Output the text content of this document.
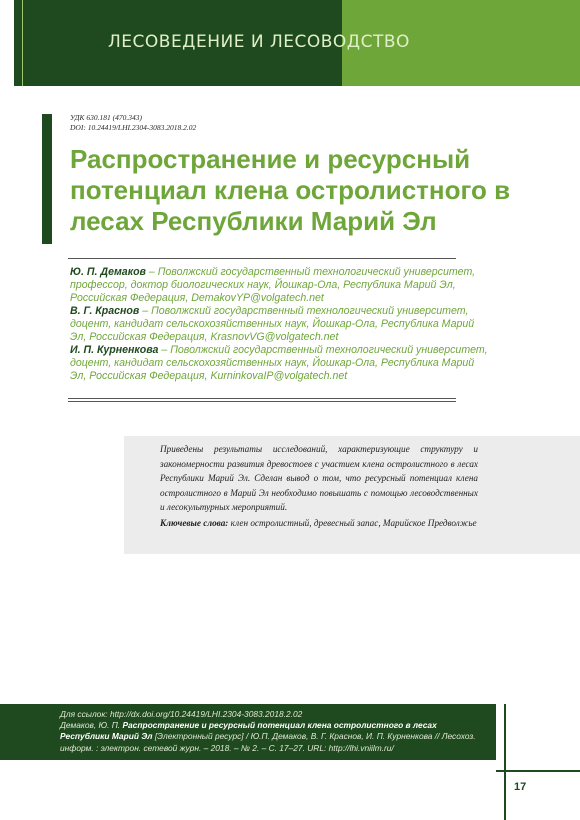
ЛЕСОВЕДЕНИЕ И ЛЕСОВОДСТВО
УДК 630.181 (470.343)
DOI: 10.24419/LHI.2304-3083.2018.2.02
Распространение и ресурсный потенциал клена остролистного в лесах Республики Марий Эл
Ю. П. Демаков – Поволжский государственный технологический университет, профессор, доктор биологических наук, Йошкар-Ола, Республика Марий Эл, Российская Федерация, DemakovYP@volgatech.net
В. Г. Краснов – Поволжский государственный технологический университет, доцент, кандидат сельскохозяйственных наук, Йошкар-Ола, Республика Марий Эл, Российская Федерация, KrasnovVG@volgatech.net
И. П. Курненкова – Поволжский государственный технологический университет, доцент, кандидат сельскохозяйственных наук, Йошкар-Ола, Республика Марий Эл, Российская Федерация, KurninkovaIP@volgatech.net
Приведены результаты исследований, характеризующие структуру и закономерности развития древостоев с участием клена остролистного в лесах Республики Марий Эл. Сделан вывод о том, что ресурсный потенциал клена остролистного в Марий Эл необходимо повышать с помощью лесоводственных и лесокультурных мероприятий.
Ключевые слова: клен остролистный, древесный запас, Марийское Предволжье
Для ссылок: http://dx.doi.org/10.24419/LHI.2304-3083.2018.2.02
Демаков, Ю. П. Распространение и ресурсный потенциал клена остролистного в лесах Республики Марий Эл [Электронный ресурс] / Ю.П. Демаков, В. Г. Краснов, И. П. Курненкова // Лесохоз. информ. : электрон. сетевой журн. – 2018. – № 2. – С. 17–27. URL: http://lhi.vniilm.ru/
17
